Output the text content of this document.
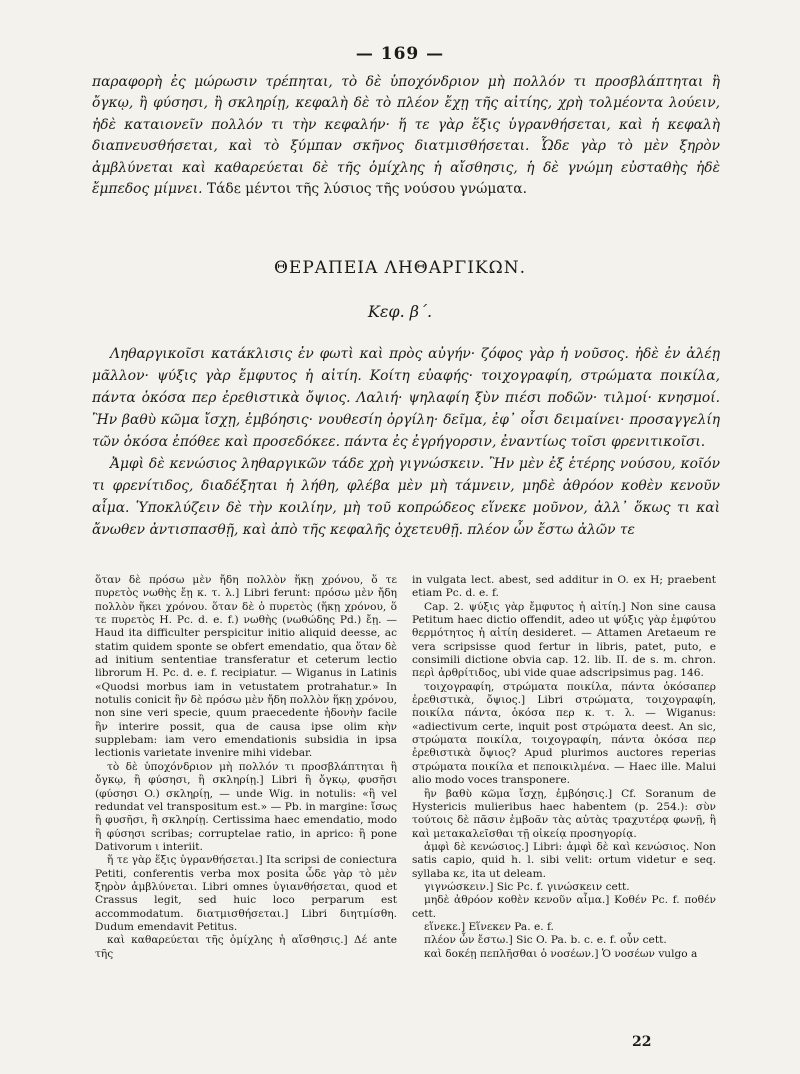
— 169 —

παραφορὴ ἐς μώρωσιν τρέπηται, τὸ δὲ ὑποχόνδριον μὴ πολλόν τι προσβλάπτηται ἢ ὄγκῳ, ἢ φύσησι, ἢ σκληρίῃ, κεφαλὴ δὲ τὸ πλέον ἔχῃ τῆς αἰτίης, χρὴ τολμέοντα λούειν, ἠδὲ καταιονεῖν πολλόν τι τὴν κεφαλήν· ἥ τε γὰρ ἕξις ὑγρανθήσεται, καὶ ἡ κεφαλὴ διαπνευσθήσεται, καὶ τὸ ξύμπαν σκῆνος διατμισθήσεται. Ὧδε γὰρ τὸ μὲν ξηρὸν ἀμβλύνεται καὶ καθαρεύεται δὲ τῆς ὁμίχλης ἡ αἴσθησις, ἡ δὲ γνώμη εὐσταθὴς ἠδὲ ἔμπεδος μίμνει. Τάδε μέντοι τῆς λύσιος τῆς νούσου γνώματα.

ΘΕΡΑΠΕΙΑ ΛΗΘΑΡΓΙΚΩΝ.
Κεφ. β΄.

Ληθαργικοῖσι κατάκλισις ἐν φωτὶ καὶ πρὸς αὐγήν· ζόφος γὰρ ἡ νοῦσος. ἠδὲ ἐν ἀλέῃ μᾶλλον· ψύξις γὰρ ἔμφυτος ἡ αἰτίη. Κοίτη εὐαφής· τοιχογραφίη, στρώματα ποικίλα, πάντα ὁκόσα περ ἐρεθιστικὰ ὄψιος. Λαλιή· ψηλαφίη ξὺν πιέσι ποδῶν· τιλμοί· κνησμοί. Ἢν βαθὺ κῶμα ἴσχῃ, ἐμβόησις· νουθεσίη ὀργίλη· δεῖμα, ἐφ᾽ οἷσι δειμαίνει· προσαγγελίη τῶν ὁκόσα ἐπόθεε καὶ προσεδόκεε. πάντα ἐς ἐγρήγορσιν, ἐναντίως τοῖσι φρενιτικοῖσι.

Ἀμφὶ δὲ κενώσιος ληθαργικῶν τάδε χρὴ γιγνώσκειν. Ἢν μὲν ἐξ ἑτέρης νούσου, κοῖόν τι φρενίτιδος, διαδέξηται ἡ λήθη, φλέβα μὲν μὴ τάμνειν, μηδὲ ἀθρόον κοθὲν κενοῦν αἷμα. Ὑποκλύζειν δὲ τὴν κοιλίην, μὴ τοῦ κοπρώδεος εἵνεκε μοῦνον, ἀλλ᾽ ὅκως τι καὶ ἄνωθεν ἀντισπασθῇ, καὶ ἀπὸ τῆς κεφαλῆς ὀχετευθῇ. πλέον ὦν ἔστω ἀλῶν τε

ὅταν δὲ πρόσω μὲν ἤδη πολλὸν ἥκῃ χρόνου, ὅ τε πυρετὸς νωθὴς ἔῃ κ. τ. λ.] Libri ferunt: πρόσω μὲν ἤδη πολλὸν ἥκει χρόνου. ὅταν δὲ ὁ πυρετὸς (ἥκῃ χρόνου, ὅ τε πυρετὸς H. Pc. d. e. f.) νωθὴς (νωθώδης Pd.) ἔῃ. — Haud ita difficulter perspicitur initio aliquid deesse, ac statim quidem sponte se obfert emendatio, qua ὅταν δὲ ad initium sententiae transferatur et ceterum lectio librorum H. Pc. d. e. f. recipiatur. — Wiganus in Latinis «Quodsi morbus iam in vetustatem protrahatur.» In notulis conicit ἢν δὲ πρόσω μὲν ἤδη πολλὸν ἥκῃ χρόνου, non sine veri specie, quum praecedente ἡδονὴν facile ἢν interire possit, qua de causa ipse olim κὴν supplebam: iam vero emendationis subsidia in ipsa lectionis varietate invenire mihi videbar.

τὸ δὲ ὑποχόνδριον μὴ πολλόν τι προσβλάπτηται ἢ ὄγκῳ, ἢ φύσησι, ἢ σκληρίῃ.] Libri ἢ ὄγκῳ, φυσῆσι (φύσησι O.) σκληρίῃ, — unde Wig. in notulis: «ἢ vel redundat vel transpositum est.» — Pb. in margine: ἴσως ἢ φυσῆσι, ἢ σκληρίῃ. Certissima haec emendatio, modo ἢ φύσησι scribas; corruptelae ratio, in aprico: ἢ pone Dativorum ι interiit.

ἥ τε γὰρ ἕξις ὑγρανθήσεται.] Ita scripsi de coniectura Petiti, conferentis verba mox posita ὧδε γὰρ τὸ μὲν ξηρὸν ἀμβλύνεται. Libri omnes ὑγιανθήσεται, quod et Crassus legit, sed huic loco perparum est accommodatum. διατμισθήσεται.] Libri διητμίσθη. Dudum emendavit Petitus.

καὶ καθαρεύεται τῆς ὁμίχλης ἡ αἴσθησις.] Δέ ante τῆς

in vulgata lect. abest, sed additur in O. ex H; praebent etiam Pc. d. e. f.

Cap. 2. ψύξις γὰρ ἔμφυτος ἡ αἰτίη.] Non sine causa Petitum haec dictio offendit, adeo ut ψύξις γὰρ ἐμφύτου θερμότητος ἡ αἰτίη desideret. — Attamen Aretaeum re vera scripsisse quod fertur in libris, patet, puto, e consimili dictione obvia cap. 12. lib. II. de s. m. chron. περὶ ἀρθρίτιδος, ubi vide quae adscripsimus pag. 146.

τοιχογραφίη, στρώματα ποικίλα, πάντα ὁκόσαπερ ἐρεθιστικὰ, ὄψιος.] Libri στρώματα, τοιχογραφίη, ποικίλα πάντα, ὁκόσα περ κ. τ. λ. — Wiganus: «adiectivum certe, inquit post στρώματα deest. An sic, στρώματα ποικίλα, τοιχογραφίη, πάντα ὁκόσα περ ἐρεθιστικὰ ὄψιος? Apud plurimos auctores reperias στρώματα ποικίλα et πεποικιλμένα. — Haec ille. Malui alio modo voces transponere.

ἢν βαθὺ κῶμα ἴσχῃ, ἐμβόησις.] Cf. Soranum de Hystericis mulieribus haec habentem (p. 254.): σὺν τούτοις δὲ πᾶσιν ἐμβοᾶν τὰς αὐτὰς τραχυτέρᾳ φωνῇ, ἢ καὶ μετακαλεῖσθαι τῇ οἰκείᾳ προσηγορίᾳ.

ἀμφὶ δὲ κενώσιος.] Libri: ἀμφὶ δὲ καὶ κενώσιος. Non satis capio, quid h. l. sibi velit: ortum videtur e seq. syllaba κε, ita ut deleam.

γιγνώσκειν.] Sic Pc. f. γινώσκειν cett.

μηδὲ ἀθρόον κοθὲν κενοῦν αἷμα.] Κοθέν Pc. f. ποθέν cett.

εἵνεκε.] Εἵνεκεν Pa. e. f.

πλέον ὦν ἔστω.] Sic O. Pa. b. c. e. f. οὖν cett.

καὶ δοκέῃ πεπλῆσθαι ὁ νοσέων.] Ὁ νοσέων vulgo a

22
